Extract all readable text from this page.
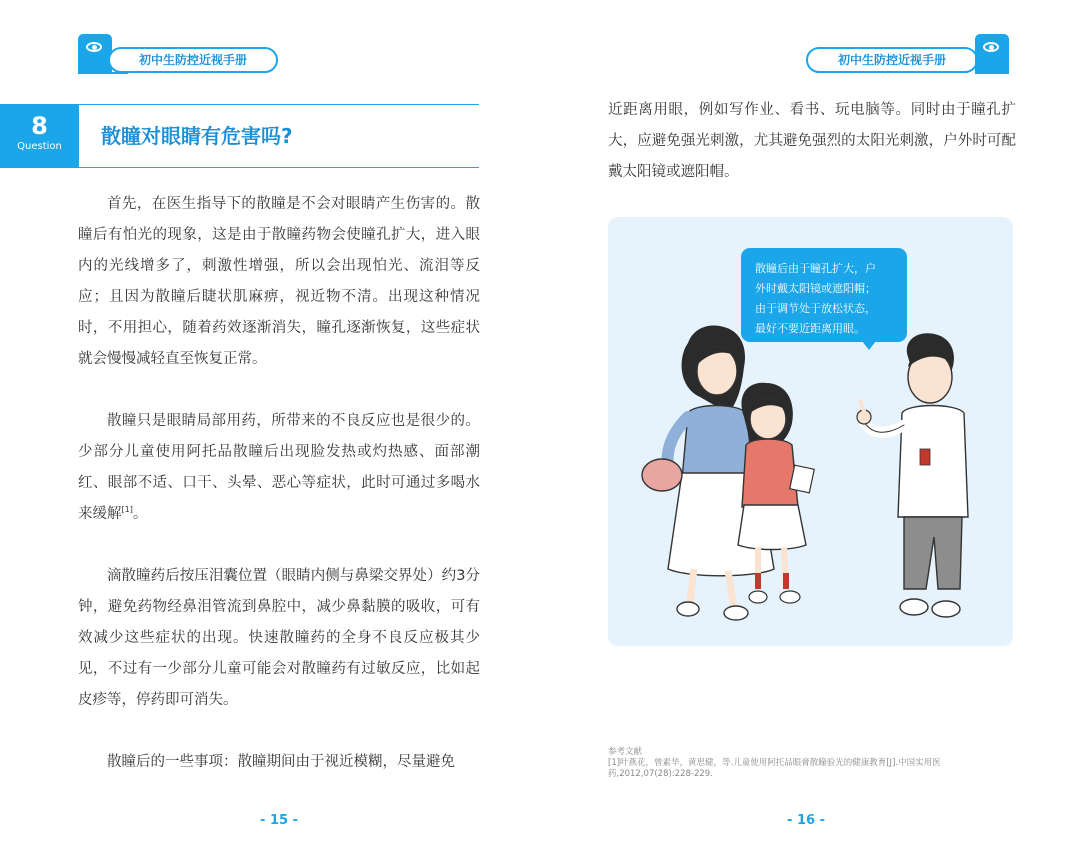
初中生防控近视手册
8
Question	散瞳对眼睛有危害吗?

首先，在医生指导下的散瞳是不会对眼睛产生伤害的。散瞳后有怕光的现象，这是由于散瞳药物会使瞳孔扩大，进入眼内的光线增多了，刺激性增强，所以会出现怕光、流泪等反应；且因为散瞳后睫状肌麻痹，视近物不清。出现这种情况时，不用担心，随着药效逐渐消失，瞳孔逐渐恢复，这些症状就会慢慢减轻直至恢复正常。

散瞳只是眼睛局部用药，所带来的不良反应也是很少的。少部分儿童使用阿托品散瞳后出现脸发热或灼热感、面部潮红、眼部不适、口干、头晕、恶心等症状，此时可通过多喝水来缓解[1]。

滴散瞳药后按压泪囊位置（眼睛内侧与鼻梁交界处）约3分钟，避免药物经鼻泪管流到鼻腔中，减少鼻黏膜的吸收，可有效减少这些症状的出现。快速散瞳药的全身不良反应极其少见，不过有一少部分儿童可能会对散瞳药有过敏反应，比如起皮疹等，停药即可消失。

散瞳后的一些事项：散瞳期间由于视近模糊，尽量避免

- 15 -
初中生防控近视手册

近距离用眼，例如写作业、看书、玩电脑等。同时由于瞳孔扩大，应避免强光刺激，尤其避免强烈的太阳光刺激，户外时可配戴太阳镜或遮阳帽。

散瞳后由于瞳孔扩大，户
外时戴太阳镜或遮阳帽；
由于调节处于放松状态，
最好不要近距离用眼。
参考文献
[1]叶燕花，曾素华，黄思健，等.儿童使用阿托品眼膏散瞳验光的健康教育[J].中国实用医药,2012,07(28):228-229.
- 16 -
